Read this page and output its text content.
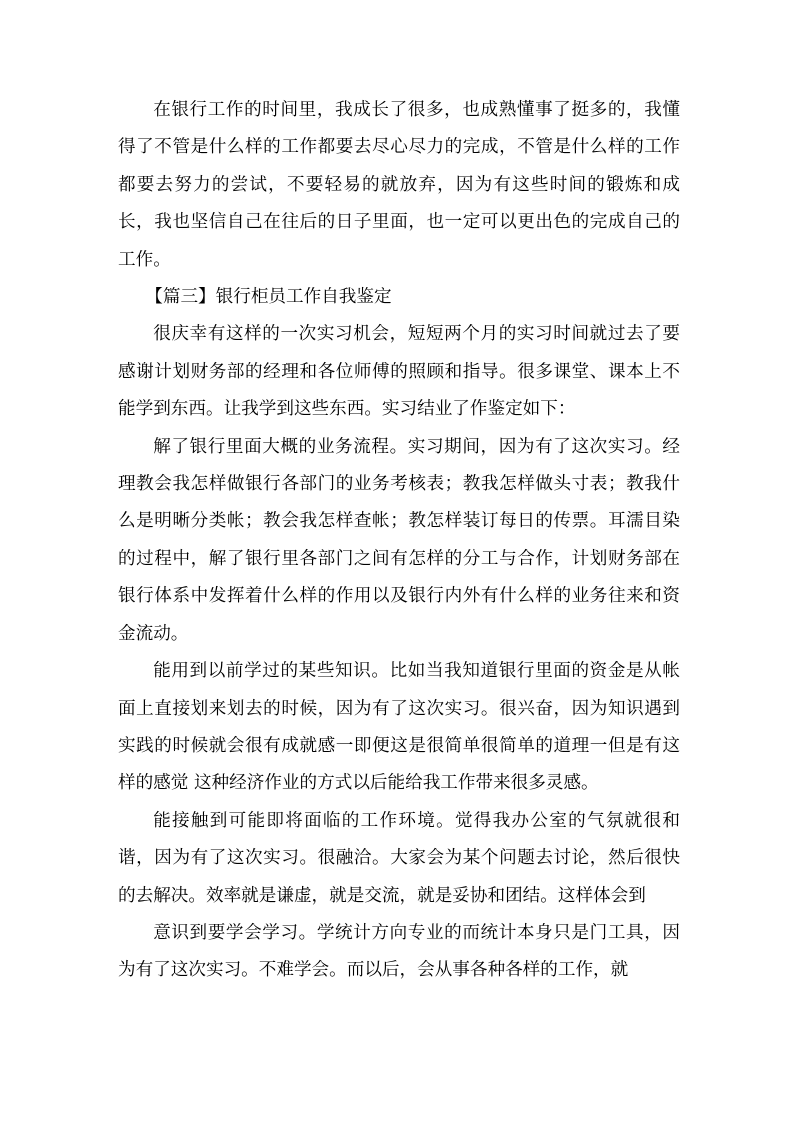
在银行工作的时间里，我成长了很多，也成熟懂事了挺多的，我懂得了不管是什么样的工作都要去尽心尽力的完成，不管是什么样的工作都要去努力的尝试，不要轻易的就放弃，因为有这些时间的锻炼和成长，我也坚信自己在往后的日子里面，也一定可以更出色的完成自己的工作。

【篇三】银行柜员工作自我鉴定

很庆幸有这样的一次实习机会，短短两个月的实习时间就过去了要感谢计划财务部的经理和各位师傅的照顾和指导。很多课堂、课本上不能学到东西。让我学到这些东西。实习结业了作鉴定如下：

解了银行里面大概的业务流程。实习期间，因为有了这次实习。经理教会我怎样做银行各部门的业务考核表；教我怎样做头寸表；教我什么是明晰分类帐；教会我怎样查帐；教怎样装订每日的传票。耳濡目染的过程中，解了银行里各部门之间有怎样的分工与合作，计划财务部在银行体系中发挥着什么样的作用以及银行内外有什么样的业务往来和资金流动。

能用到以前学过的某些知识。比如当我知道银行里面的资金是从帐面上直接划来划去的时候，因为有了这次实习。很兴奋，因为知识遇到实践的时候就会很有成就感一即便这是很简单很简单的道理一但是有这样的感觉 这种经济作业的方式以后能给我工作带来很多灵感。

能接触到可能即将面临的工作环境。觉得我办公室的气氛就很和谐，因为有了这次实习。很融洽。大家会为某个问题去讨论，然后很快的去解决。效率就是谦虚，就是交流，就是妥协和团结。这样体会到

意识到要学会学习。学统计方向专业的而统计本身只是门工具，因为有了这次实习。不难学会。而以后，会从事各种各样的工作，就
